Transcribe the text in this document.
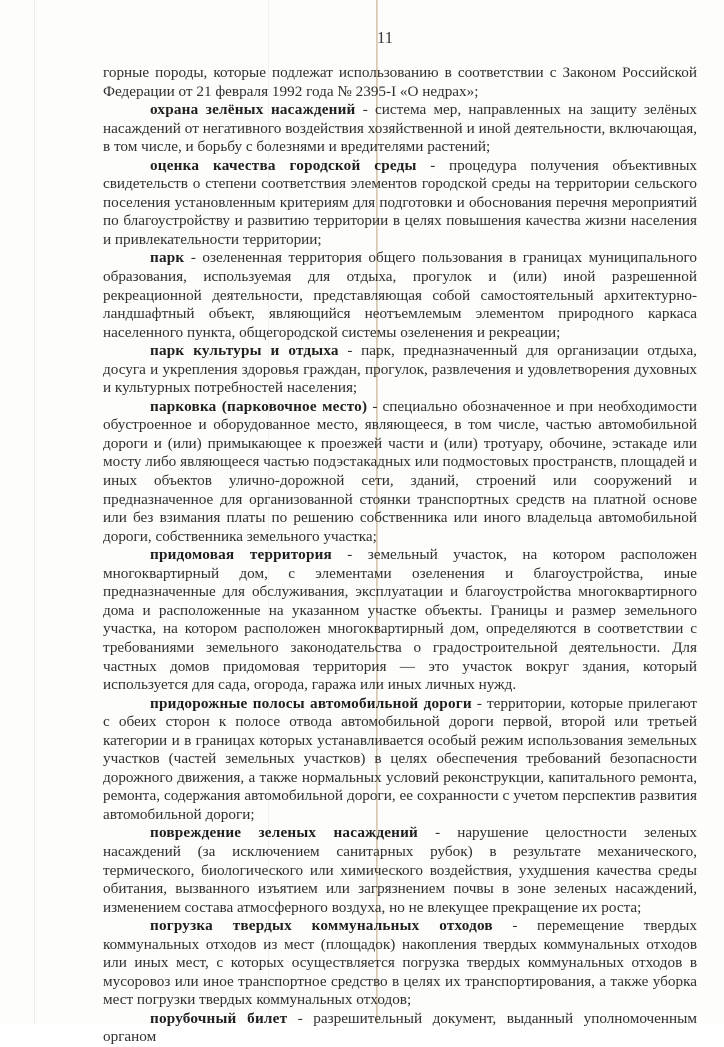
11

горные породы, которые подлежат использованию в соответствии с Законом Российской Федерации от 21 февраля 1992 года № 2395-I «О недрах»;

охрана зелёных насаждений - система мер, направленных на защиту зелёных насаждений от негативного воздействия хозяйственной и иной деятельности, включающая, в том числе, и борьбу с болезнями и вредителями растений;

оценка качества городской среды - процедура получения объективных свидетельств о степени соответствия элементов городской среды на территории сельского поселения установленным критериям для подготовки и обоснования перечня мероприятий по благоустройству и развитию территории в целях повышения качества жизни населения и привлекательности территории;

парк - озелененная территория общего пользования в границах муниципального образования, используемая для отдыха, прогулок и (или) иной разрешенной рекреационной деятельности, представляющая собой самостоятельный архитектурно-ландшафтный объект, являющийся неотъемлемым элементом природного каркаса населенного пункта, общегородской системы озеленения и рекреации;

парк культуры и отдыха - парк, предназначенный для организации отдыха, досуга и укрепления здоровья граждан, прогулок, развлечения и удовлетворения духовных и культурных потребностей населения;

парковка (парковочное место) - специально обозначенное и при необходимости обустроенное и оборудованное место, являющееся, в том числе, частью автомобильной дороги и (или) примыкающее к проезжей части и (или) тротуару, обочине, эстакаде или мосту либо являющееся частью подэстакадных или подмостовых пространств, площадей и иных объектов улично-дорожной сети, зданий, строений или сооружений и предназначенное для организованной стоянки транспортных средств на платной основе или без взимания платы по решению собственника или иного владельца автомобильной дороги, собственника земельного участка;

придомовая территория - земельный участок, на котором расположен многоквартирный дом, с элементами озеленения и благоустройства, иные предназначенные для обслуживания, эксплуатации и благоустройства многоквартирного дома и расположенные на указанном участке объекты. Границы и размер земельного участка, на котором расположен многоквартирный дом, определяются в соответствии с требованиями земельного законодательства о градостроительной деятельности. Для частных домов придомовая территория — это участок вокруг здания, который используется для сада, огорода, гаража или иных личных нужд.

придорожные полосы автомобильной дороги - территории, которые прилегают с обеих сторон к полосе отвода автомобильной дороги первой, второй или третьей категории и в границах которых устанавливается особый режим использования земельных участков (частей земельных участков) в целях обеспечения требований безопасности дорожного движения, а также нормальных условий реконструкции, капитального ремонта, ремонта, содержания автомобильной дороги, ее сохранности с учетом перспектив развития автомобильной дороги;

повреждение зеленых насаждений - нарушение целостности зеленых насаждений (за исключением санитарных рубок) в результате механического, термического, биологического или химического воздействия, ухудшения качества среды обитания, вызванного изъятием или загрязнением почвы в зоне зеленых насаждений, изменением состава атмосферного воздуха, но не влекущее прекращение их роста;

погрузка твердых коммунальных отходов - перемещение твердых коммунальных отходов из мест (площадок) накопления твердых коммунальных отходов или иных мест, с которых осуществляется погрузка твердых коммунальных отходов в мусоровоз или иное транспортное средство в целях их транспортирования, а также уборка мест погрузки твердых коммунальных отходов;

порубочный билет - разрешительный документ, выданный уполномоченным органом
